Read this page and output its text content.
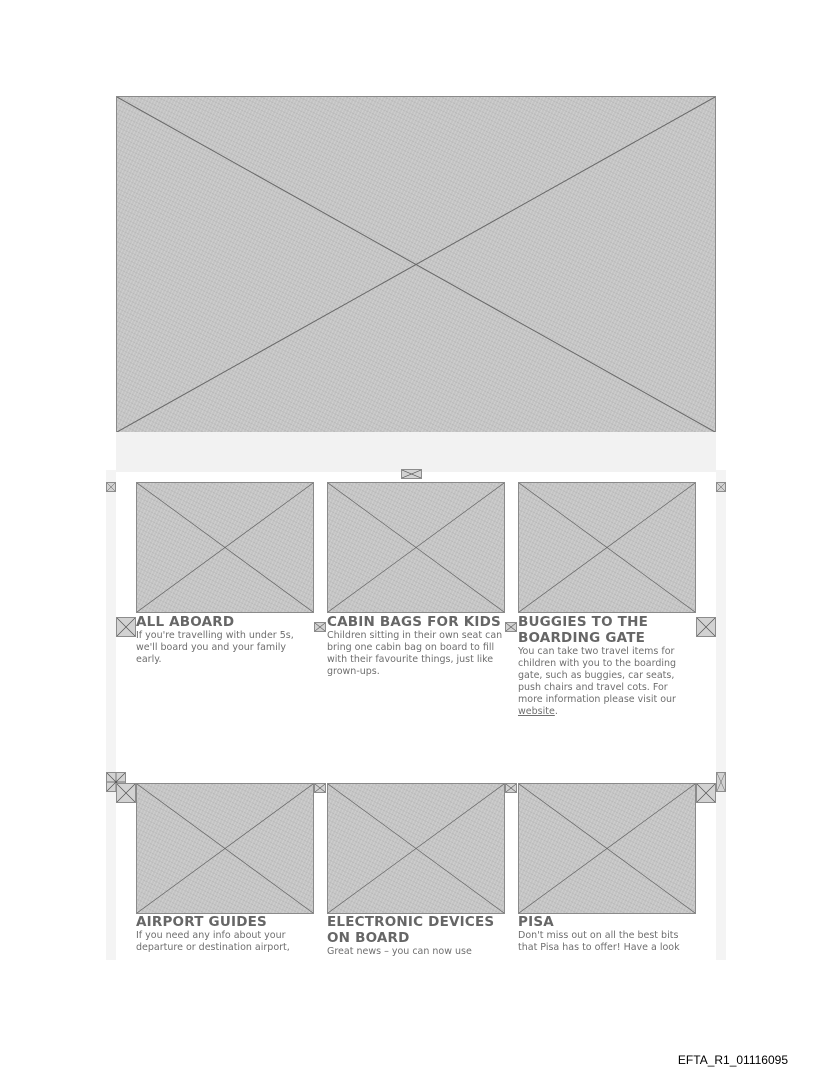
ALL ABOARD

If you're travelling with under 5s, we'll board you and your family early.

CABIN BAGS FOR KIDS

Children sitting in their own seat can bring one cabin bag on board to fill with their favourite things, just like grown-ups.

BUGGIES TO THE BOARDING GATE

You can take two travel items for children with you to the boarding gate, such as buggies, car seats, push chairs and travel cots. For more information please visit our website.

AIRPORT GUIDES

If you need any info about your departure or destination airport,

ELECTRONIC DEVICES ON BOARD

Great news – you can now use

PISA

Don't miss out on all the best bits that Pisa has to offer! Have a look

EFTA_R1_01116095
